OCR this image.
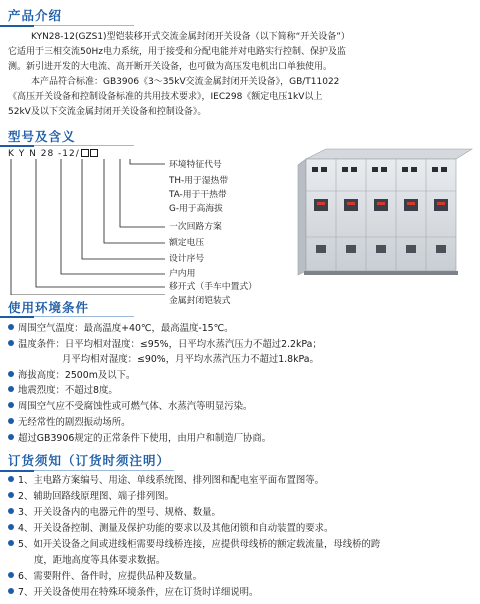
产品介绍
KYN28-12(GZS1)型铠装移开式交流金属封闭开关设备（以下简称“开关设备”）
它适用于三相交流50Hz电力系统，用于接受和分配电能并对电路实行控制、保护及监
测。新引进开发的大电流、高开断开关设备，也可做为高压发电机出口单独使用。
本产品符合标准：GB3906《3～35kV交流金属封闭开关设备》，GB/T11022
《高压开关设备和控制设备标准的共用技术要求》，IEC298《额定电压1kV以上
52kV及以下交流金属封闭开关设备和控制设备》。
型号及含义
K Y N 28 -12/
环境特征代号
TH-用于湿热带
TA-用于干热带
G-用于高海拔
一次回路方案
额定电压
设计序号
户内用
移开式（手车中置式）
金属封闭铠装式
使用环境条件
周围空气温度：最高温度+40℃，最高温度-15℃。
温度条件：日平均相对湿度：≤95%，日平均水蒸汽压力不超过2.2kPa；
月平均相对湿度：≤90%，月平均水蒸汽压力不超过1.8kPa。
海拔高度：2500m及以下。
地震烈度：不超过8度。
周围空气应不受腐蚀性或可燃气体、水蒸汽等明显污染。
无经常性的剧烈振动场所。
超过GB3906规定的正常条件下使用，由用户和制造厂协商。
订货须知（订货时须注明）
1、主电路方案编号、用途、单线系统图、排列图和配电室平面布置图等。
2、辅助回路线原理图、端子排列图。
3、开关设备内的电器元件的型号、规格、数量。
4、开关设备控制、测量及保护功能的要求以及其他闭锁和自动装置的要求。
5、如开关设备之间或进线柜需要母线桥连接，应提供母线桥的额定载流量，母线桥的跨
度，距地高度等具体要求数据。
6、需要附件、备件时，应提供品种及数量。
7、开关设备使用在特殊环境条件，应在订货时详细说明。
